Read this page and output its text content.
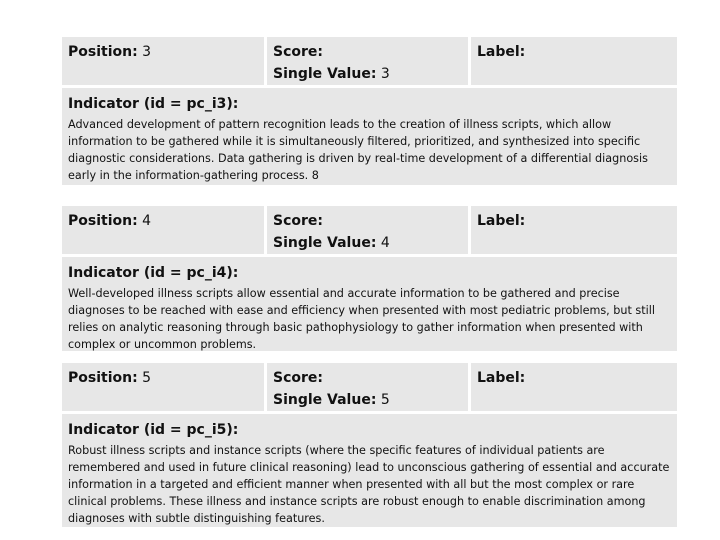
Position: 3	Score:
Single Value: 3
Label:
Indicator (id = pc_i3):
Advanced development of pattern recognition leads to the creation of illness scripts, which allow information to be gathered while it is simultaneously filtered, prioritized, and synthesized into specific diagnostic considerations. Data gathering is driven by real-time development of a differential diagnosis early in the information-gathering process. 8
Position: 4	Score:
Single Value: 4
Label:
Indicator (id = pc_i4):
Well-developed illness scripts allow essential and accurate information to be gathered and precise diagnoses to be reached with ease and efficiency when presented with most pediatric problems, but still relies on analytic reasoning through basic pathophysiology to gather information when presented with complex or uncommon problems.
Position: 5	Score:
Single Value: 5
Label:
Indicator (id = pc_i5):
Robust illness scripts and instance scripts (where the specific features of individual patients are remembered and used in future clinical reasoning) lead to unconscious gathering of essential and accurate information in a targeted and efficient manner when presented with all but the most complex or rare clinical problems. These illness and instance scripts are robust enough to enable discrimination among diagnoses with subtle distinguishing features.
